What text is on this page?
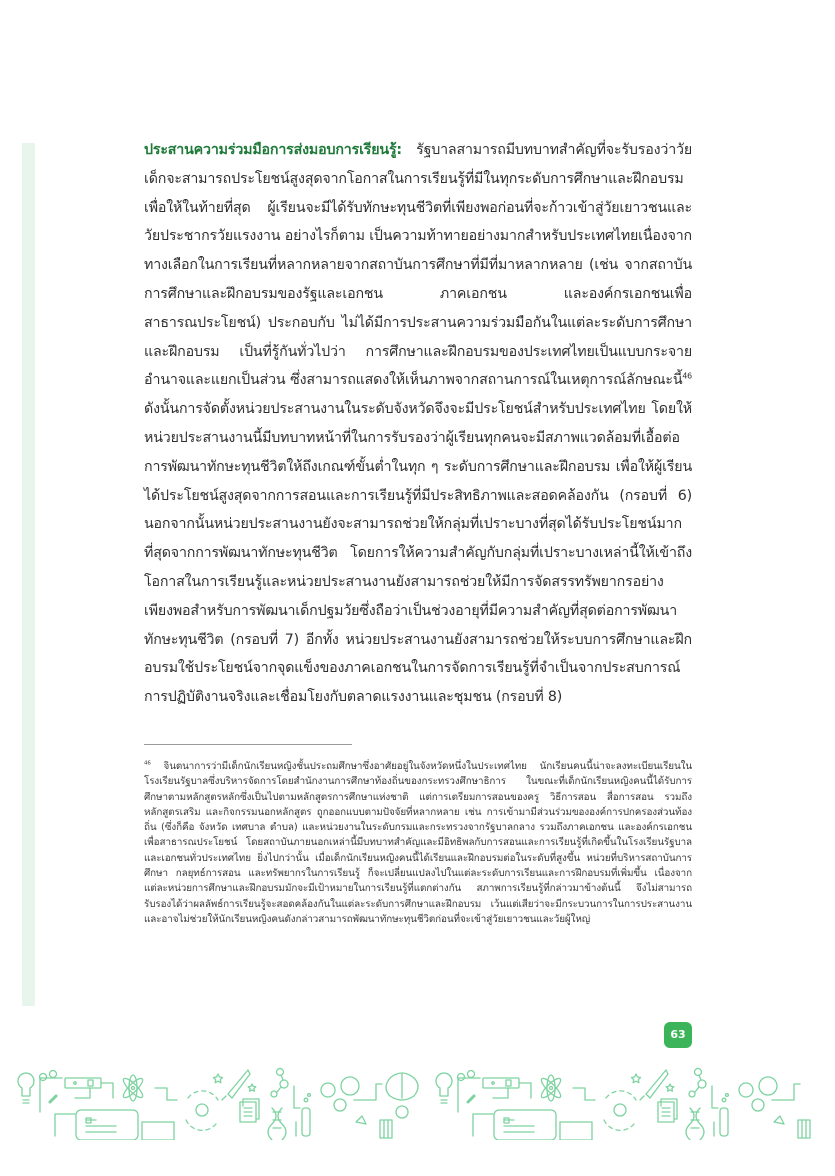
ประสานความร่วมมือการส่งมอบการเรียนรู้: รัฐบาลสามารถมีบทบาทสำคัญที่จะรับรองว่าวัยเด็กจะสามารถประโยชน์สูงสุดจากโอกาสในการเรียนรู้ที่มีในทุกระดับการศึกษาและฝึกอบรม เพื่อให้ในท้ายที่สุด ผู้เรียนจะมีได้รับทักษะทุนชีวิตที่เพียงพอก่อนที่จะก้าวเข้าสู่วัยเยาวชนและวัยประชากรวัยแรงงาน อย่างไรก็ตาม เป็นความท้าทายอย่างมากสำหรับประเทศไทยเนื่องจากทางเลือกในการเรียนที่หลากหลายจากสถาบันการศึกษาที่มีที่มาหลากหลาย (เช่น จากสถาบันการศึกษาและฝึกอบรมของรัฐและเอกชน ภาคเอกชน และองค์กรเอกชนเพื่อสาธารณประโยชน์) ประกอบกับ ไม่ได้มีการประสานความร่วมมือกันในแต่ละระดับการศึกษาและฝึกอบรม เป็นที่รู้กันทั่วไปว่า การศึกษาและฝึกอบรมของประเทศไทยเป็นแบบกระจายอำนาจและแยกเป็นส่วน ซึ่งสามารถแสดงให้เห็นภาพจากสถานการณ์ในเหตุการณ์ลักษณะนี้$^{46}$ ดังนั้นการจัดตั้งหน่วยประสานงานในระดับจังหวัดจึงจะมีประโยชน์สำหรับประเทศไทย โดยให้หน่วยประสานงานนี้มีบทบาทหน้าที่ในการรับรองว่าผู้เรียนทุกคนจะมีสภาพแวดล้อมที่เอื้อต่อการพัฒนาทักษะทุนชีวิตให้ถึงเกณฑ์ขั้นต่ำในทุก ๆ ระดับการศึกษาและฝึกอบรม เพื่อให้ผู้เรียนได้ประโยชน์สูงสุดจากการสอนและการเรียนรู้ที่มีประสิทธิภาพและสอดคล้องกัน (กรอบที่ 6) นอกจากนั้นหน่วยประสานงานยังจะสามารถช่วยให้กลุ่มที่เปราะบางที่สุดได้รับประโยชน์มากที่สุดจากการพัฒนาทักษะทุนชีวิต โดยการให้ความสำคัญกับกลุ่มที่เปราะบางเหล่านี้ให้เข้าถึงโอกาสในการเรียนรู้และหน่วยประสานงานยังสามารถช่วยให้มีการจัดสรรทรัพยากรอย่างเพียงพอสำหรับการพัฒนาเด็กปฐมวัยซึ่งถือว่าเป็นช่วงอายุที่มีความสำคัญที่สุดต่อการพัฒนาทักษะทุนชีวิต (กรอบที่ 7) อีกทั้ง หน่วยประสานงานยังสามารถช่วยให้ระบบการศึกษาและฝึกอบรมใช้ประโยชน์จากจุดแข็งของภาคเอกชนในการจัดการเรียนรู้ที่จำเป็นจากประสบการณ์การปฏิบัติงานจริงและเชื่อมโยงกับตลาดแรงงานและชุมชน (กรอบที่ 8)
$^{46}$ จินตนาการว่ามีเด็กนักเรียนหญิงชั้นประถมศึกษาซึ่งอาศัยอยู่ในจังหวัดหนึ่งในประเทศไทย นักเรียนคนนี้น่าจะลงทะเบียนเรียนในโรงเรียนรัฐบาลซึ่งบริหารจัดการโดยสำนักงานการศึกษาท้องถิ่นของกระทรวงศึกษาธิการ ในขณะที่เด็กนักเรียนหญิงคนนี้ได้รับการศึกษาตามหลักสูตรหลักซึ่งเป็นไปตามหลักสูตรการศึกษาแห่งชาติ แต่การเตรียมการสอนของครู วิธีการสอน สื่อการสอน รวมถึง หลักสูตรเสริม และกิจกรรมนอกหลักสูตร ถูกออกแบบตามปัจจัยที่หลากหลาย เช่น การเข้ามามีส่วนร่วมขององค์การปกครองส่วนท้องถิ่น (ซึ่งก็คือ จังหวัด เทศบาล ตำบล) และหน่วยงานในระดับกรมและกระทรวงจากรัฐบาลกลาง รวมถึงภาคเอกชน และองค์กรเอกชนเพื่อสาธารณประโยชน์ โดยสถาบันภายนอกเหล่านี้มีบทบาทสำคัญและมีอิทธิพลกับการสอนและการเรียนรู้ที่เกิดขึ้นในโรงเรียนรัฐบาลและเอกชนทั่วประเทศไทย ยิ่งไปกว่านั้น เมื่อเด็กนักเรียนหญิงคนนี้ได้เรียนและฝึกอบรมต่อในระดับที่สูงขึ้น หน่วยที่บริหารสถาบันการศึกษา กลยุทธ์การสอน และทรัพยากรในการเรียนรู้ ก็จะเปลี่ยนแปลงไปในแต่ละระดับการเรียนและการฝึกอบรมที่เพิ่มขึ้น เนื่องจากแต่ละหน่วยการศึกษาและฝึกอบรมมักจะมีเป้าหมายในการเรียนรู้ที่แตกต่างกัน สภาพการเรียนรู้ที่กล่าวมาข้างต้นนี้ จึงไม่สามารถรับรองได้ว่าผลลัพธ์การเรียนรู้จะสอดคล้องกันในแต่ละระดับการศึกษาและฝึกอบรม เว้นแต่เสียว่าจะมีกระบวนการในการประสานงาน และอาจไม่ช่วยให้นักเรียนหญิงคนดังกล่าวสามารถพัฒนาทักษะทุนชีวิตก่อนที่จะเข้าสู่วัยเยาวชนและวัยผู้ใหญ่
63
